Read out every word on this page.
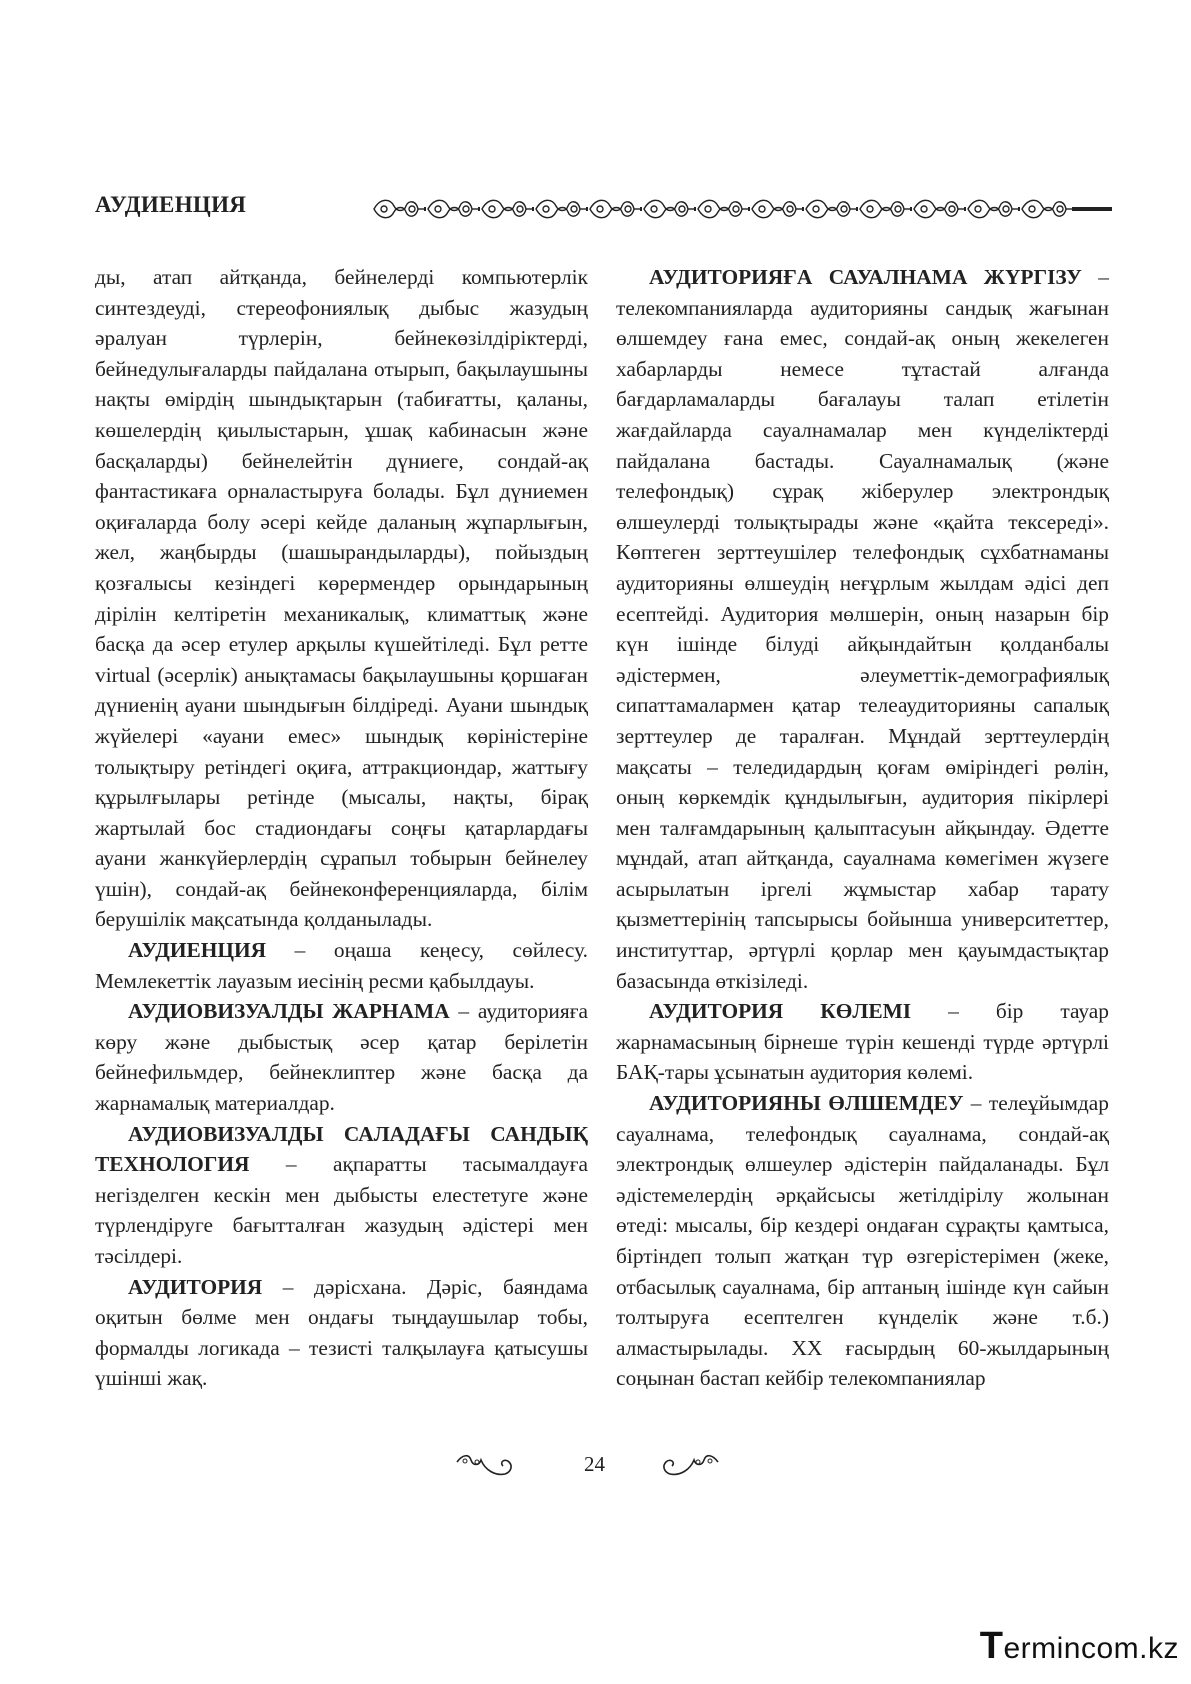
АУДИЕНЦИЯ

ды, атап айтқанда, бейнелерді компьютерлік синтездеуді, стереофониялық дыбыс жазудың әралуан түрлерін, бейнекөзілдіріктерді, бейнедулығаларды пайдалана отырып, бақылаушыны нақты өмірдің шындықтарын (табиғатты, қаланы, көшелердің қиылыстарын, ұшақ кабинасын және басқаларды) бейнелейтін дүниеге, сондай-ақ фантастикаға орналастыруға болады. Бұл дүниемен оқиғаларда болу әсері кейде даланың жұпарлығын, жел, жаңбырды (шашырандыларды), пойыздың қозғалысы кезіндегі көрермендер орындарының дірілін келтіретін механикалық, климаттық және басқа да әсер етулер арқылы күшейтіледі. Бұл ретте virtual (әсерлік) анықтамасы бақылаушыны қоршаған дүниенің ауани шындығын білдіреді. Ауани шындық жүйелері «ауани емес» шындық көріністеріне толықтыру ретіндегі оқиға, аттракциондар, жаттығу құрылғылары ретінде (мысалы, нақты, бірақ жартылай бос стадиондағы соңғы қатарлардағы ауани жанкүйерлердің сұрапыл тобырын бейнелеу үшін), сондай-ақ бейнеконференцияларда, білім берушілік мақсатында қолданылады.

АУДИЕНЦИЯ – оңаша кеңесу, сөйлесу. Мемлекеттік лауазым иесінің ресми қабылдауы.

АУДИОВИЗУАЛДЫ ЖАРНАМА – аудиторияға көру және дыбыстық әсер қатар берілетін бейнефильмдер, бейнеклиптер және басқа да жарнамалық материалдар.

АУДИОВИЗУАЛДЫ САЛАДАҒЫ САНДЫҚ ТЕХНОЛОГИЯ – ақпаратты тасымалдауға негізделген кескін мен дыбысты елестетуге және түрлендіруге бағытталған жазудың әдістері мен тәсілдері.

АУДИТОРИЯ – дәрісхана. Дәріс, баяндама оқитын бөлме мен ондағы тыңдаушылар тобы, формалды логикада – тезисті талқылауға қатысушы үшінші жақ.

АУДИТОРИЯҒА САУАЛНАМА ЖҮРГІЗУ – телекомпанияларда аудиторияны сандық жағынан өлшемдеу ғана емес, сондай-ақ оның жекелеген хабарларды немесе тұтастай алғанда бағдарламаларды бағалауы талап етілетін жағдайларда сауалнамалар мен күнделіктерді пайдалана бастады. Сауалнамалық (және телефондық) сұрақ жіберулер электрондық өлшеулерді толықтырады және «қайта тексереді». Көптеген зерттеушілер телефондық сұхбатнаманы аудиторияны өлшеудің неғұрлым жылдам әдісі деп есептейді. Аудитория мөлшерін, оның назарын бір күн ішінде білуді айқындайтын қолданбалы әдістермен, әлеуметтік-демографиялық сипаттамалармен қатар телеаудиторияны сапалық зерттеулер де таралған. Мұндай зерттеулердің мақсаты – теледидардың қоғам өміріндегі рөлін, оның көркемдік құндылығын, аудитория пікірлері мен талғамдарының қалыптасуын айқындау. Әдетте мұндай, атап айтқанда, сауалнама көмегімен жүзеге асырылатын іргелі жұмыстар хабар тарату қызметтерінің тапсырысы бойынша университеттер, институттар, әртүрлі қорлар мен қауымдастықтар базасында өткізіледі.

АУДИТОРИЯ КӨЛЕМІ – бір тауар жарнамасының бірнеше түрін кешенді түрде әртүрлі БАҚ-тары ұсынатын аудитория көлемі.

АУДИТОРИЯНЫ ӨЛШЕМДЕУ – телеұйымдар сауалнама, телефондық сауалнама, сондай-ақ электрондық өлшеулер әдістерін пайдаланады. Бұл әдістемелердің әрқайсысы жетілдірілу жолынан өтеді: мысалы, бір кездері ондаған сұрақты қамтыса, біртіндеп толып жатқан түр өзгерістерімен (жеке, отбасылық сауалнама, бір аптаның ішінде күн сайын толтыруға есептелген күнделік және т.б.) алмастырылады. ХХ ғасырдың 60-жылдарының соңынан бастап кейбір телекомпаниялар

24
Termincom.kz
